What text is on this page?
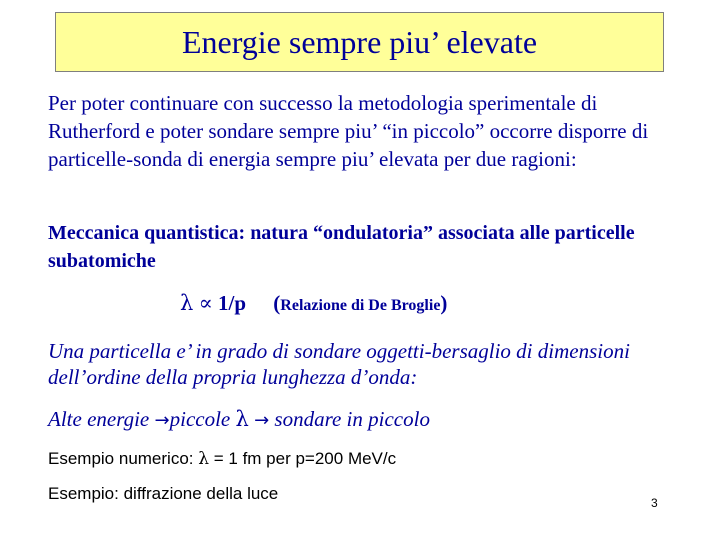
Energie sempre piu’ elevate

Per poter continuare con successo la metodologia sperimentale di Rutherford e poter sondare sempre piu’ “in piccolo” occorre disporre di particelle-sonda di energia sempre piu’ elevata per due ragioni:

Meccanica quantistica: natura “ondulatoria” associata alle particelle subatomiche

λ ∝ 1/p (Relazione di De Broglie)

Una particella e’ in grado di sondare oggetti-bersaglio di dimensioni dell’ordine della propria lunghezza d’onda:

Alte energie →piccole λ → sondare in piccolo
Esempio numerico: λ = 1 fm per p=200 MeV/c
Esempio: diffrazione della luce	3
